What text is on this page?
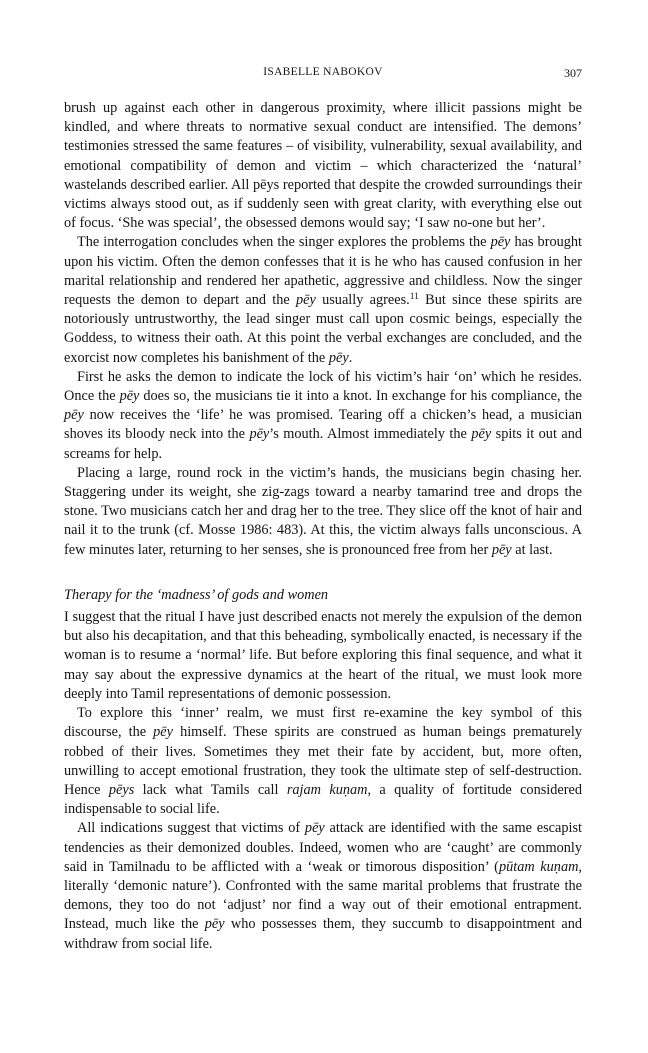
ISABELLE NABOKOV	307

brush up against each other in dangerous proximity, where illicit passions might be kindled, and where threats to normative sexual conduct are intensified. The demons’ testimonies stressed the same features – of visibility, vulnerability, sexual availability, and emotional compatibility of demon and victim – which characterized the ‘natural’ wastelands described earlier. All pēys reported that despite the crowded surroundings their victims always stood out, as if suddenly seen with great clarity, with everything else out of focus. ‘She was special’, the obsessed demons would say; ‘I saw no-one but her’.

The interrogation concludes when the singer explores the problems the pēy has brought upon his victim. Often the demon confesses that it is he who has caused confusion in her marital relationship and rendered her apathetic, aggressive and childless. Now the singer requests the demon to depart and the pēy usually agrees.$^{11}$ But since these spirits are notoriously untrustworthy, the lead singer must call upon cosmic beings, especially the Goddess, to witness their oath. At this point the verbal exchanges are concluded, and the exorcist now completes his banishment of the pēy.

First he asks the demon to indicate the lock of his victim’s hair ‘on’ which he resides. Once the pēy does so, the musicians tie it into a knot. In exchange for his compliance, the pēy now receives the ‘life’ he was promised. Tearing off a chicken’s head, a musician shoves its bloody neck into the pēy’s mouth. Almost immediately the pēy spits it out and screams for help.

Placing a large, round rock in the victim’s hands, the musicians begin chasing her. Staggering under its weight, she zig-zags toward a nearby tamarind tree and drops the stone. Two musicians catch her and drag her to the tree. They slice off the knot of hair and nail it to the trunk (cf. Mosse 1986: 483). At this, the victim always falls unconscious. A few minutes later, returning to her senses, she is pronounced free from her pēy at last.

Therapy for the ‘madness’ of gods and women

I suggest that the ritual I have just described enacts not merely the expulsion of the demon but also his decapitation, and that this beheading, symbolically enacted, is necessary if the woman is to resume a ‘normal’ life. But before exploring this final sequence, and what it may say about the expressive dynamics at the heart of the ritual, we must look more deeply into Tamil representations of demonic possession.

To explore this ‘inner’ realm, we must first re-examine the key symbol of this discourse, the pēy himself. These spirits are construed as human beings prematurely robbed of their lives. Sometimes they met their fate by accident, but, more often, unwilling to accept emotional frustration, they took the ultimate step of self-destruction. Hence pēys lack what Tamils call rajam kuṇam, a quality of fortitude considered indispensable to social life.

All indications suggest that victims of pēy attack are identified with the same escapist tendencies as their demonized doubles. Indeed, women who are ‘caught’ are commonly said in Tamilnadu to be afflicted with a ‘weak or timorous disposition’ (pūtam kuṇam, literally ‘demonic nature’). Confronted with the same marital problems that frustrate the demons, they too do not ‘adjust’ nor find a way out of their emotional entrapment. Instead, much like the pēy who possesses them, they succumb to disappointment and withdraw from social life.
